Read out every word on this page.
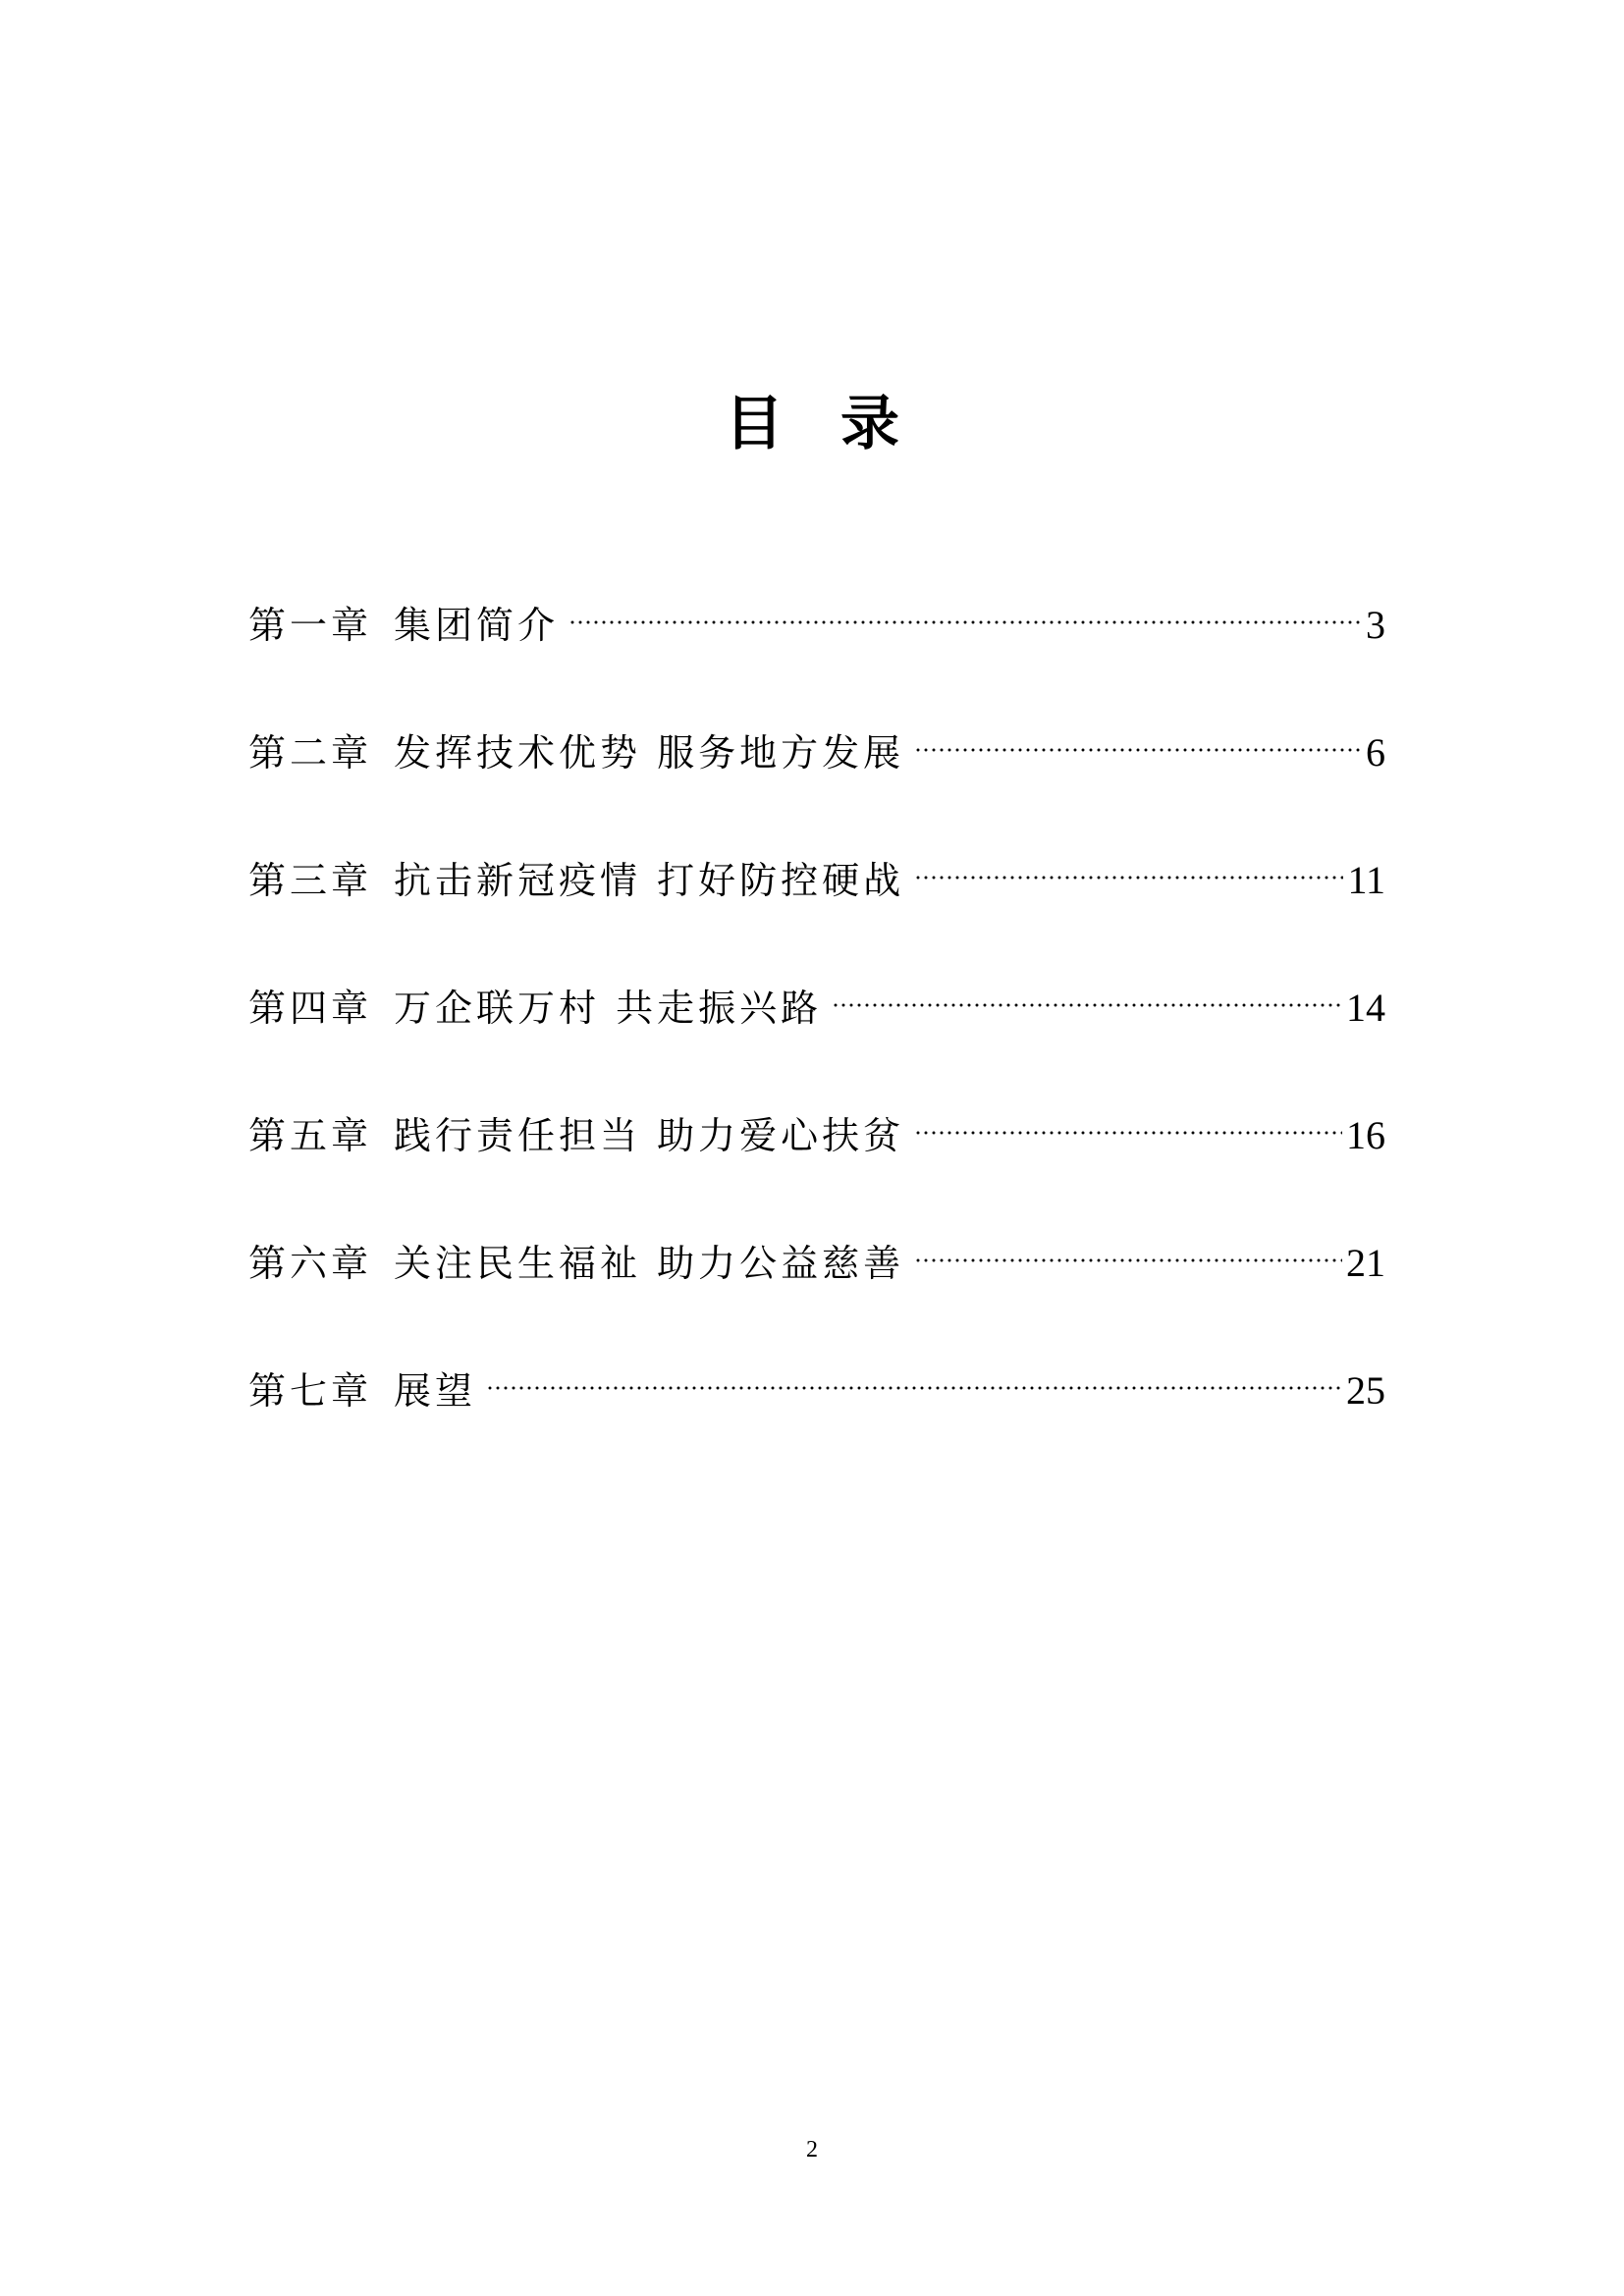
目 录
第一章 集团简介	3
第二章 发挥技术优势 服务地方发展	6
第三章 抗击新冠疫情 打好防控硬战	11
第四章 万企联万村 共走振兴路	14
第五章 践行责任担当 助力爱心扶贫	16
第六章 关注民生福祉 助力公益慈善	21
第七章 展望	25
2
